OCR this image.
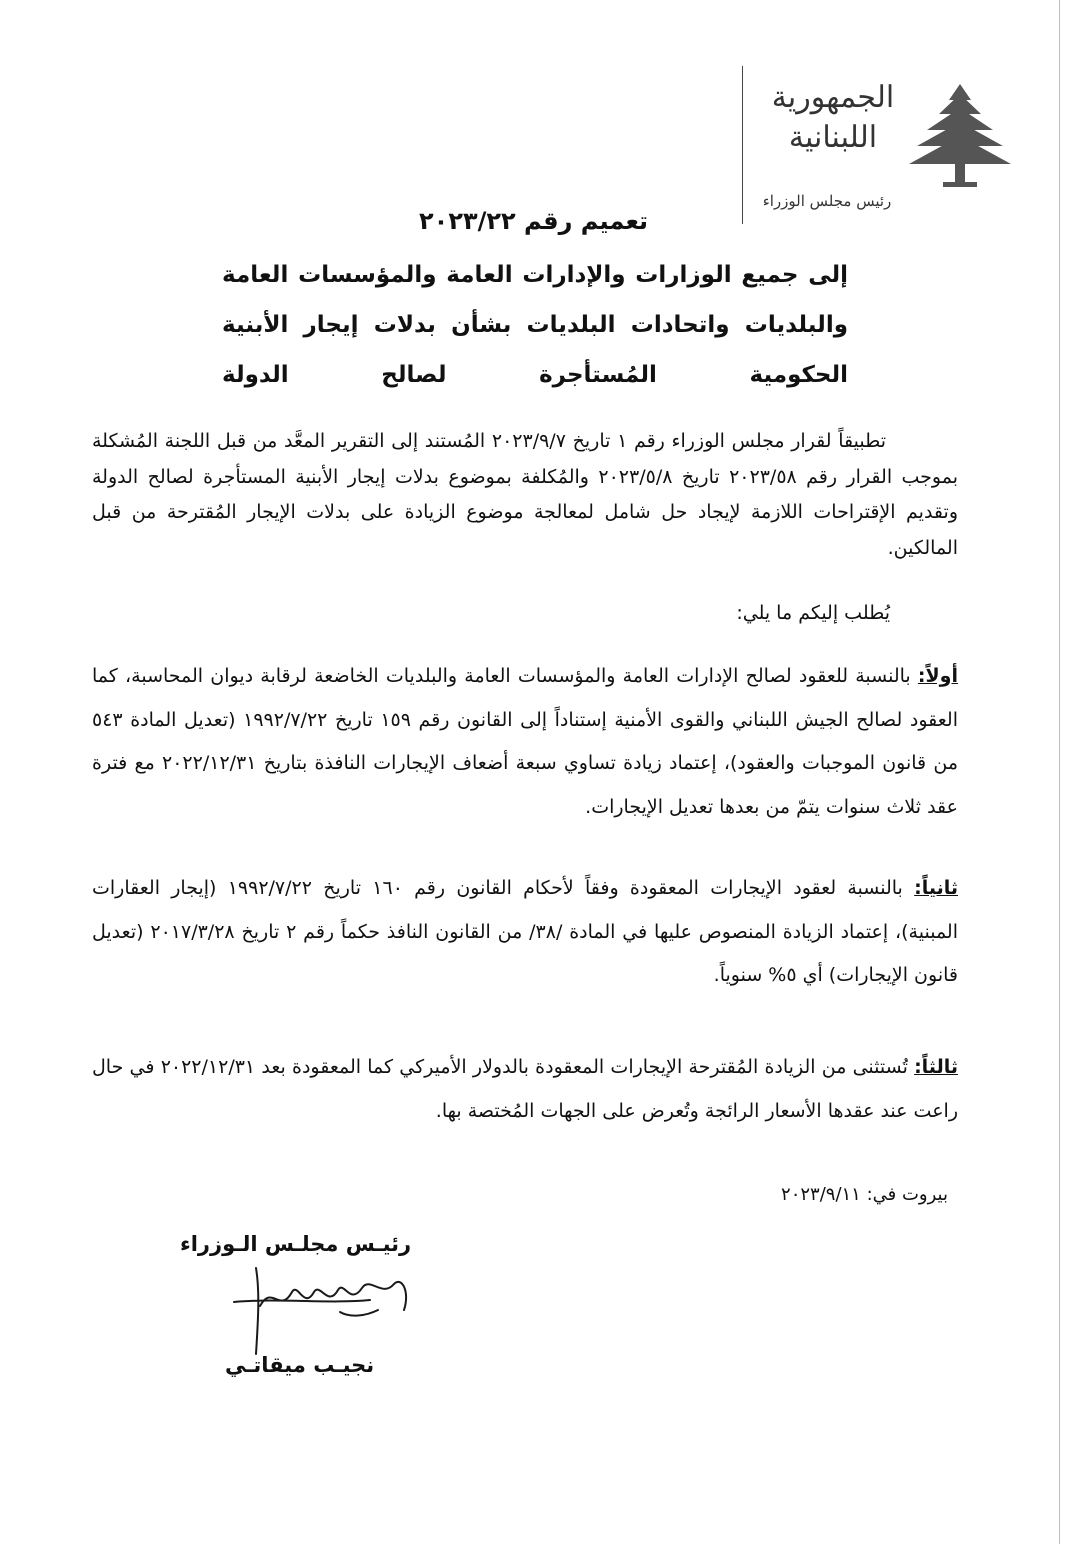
الجمهورية اللبنانية
رئيس مجلس الوزراء
تعميم رقم ٢٠٢٣/٢٢
إلى جميع الوزارات والإدارات العامة والمؤسسات العامة والبلديات واتحادات البلديات بشأن بدلات إيجار الأبنية الحكومية المُستأجرة لصالح الدولة
تطبيقاً لقرار مجلس الوزراء رقم ١ تاريخ ٢٠٢٣/٩/٧ المُستند إلى التقرير المعَّد من قبل اللجنة المُشكلة بموجب القرار رقم ٢٠٢٣/٥٨ تاريخ ٢٠٢٣/٥/٨ والمُكلفة بموضوع بدلات إيجار الأبنية المستأجرة لصالح الدولة وتقديم الإقتراحات اللازمة لإيجاد حل شامل لمعالجة موضوع الزيادة على بدلات الإيجار المُقترحة من قبل المالكين.
يُطلب إليكم ما يلي:
أولاً: بالنسبة للعقود لصالح الإدارات العامة والمؤسسات العامة والبلديات الخاضعة لرقابة ديوان المحاسبة، كما العقود لصالح الجيش اللبناني والقوى الأمنية إستناداً إلى القانون رقم ١٥٩ تاريخ ١٩٩٢/٧/٢٢ (تعديل المادة ٥٤٣ من قانون الموجبات والعقود)، إعتماد زيادة تساوي سبعة أضعاف الإيجارات النافذة بتاريخ ٢٠٢٢/١٢/٣١ مع فترة عقد ثلاث سنوات يتمّ من بعدها تعديل الإيجارات.
ثانياً: بالنسبة لعقود الإيجارات المعقودة وفقاً لأحكام القانون رقم ١٦٠ تاريخ ١٩٩٢/٧/٢٢ (إيجار العقارات المبنية)، إعتماد الزيادة المنصوص عليها في المادة /٣٨/ من القانون النافذ حكماً رقم ٢ تاريخ ٢٠١٧/٣/٢٨ (تعديل قانون الإيجارات) أي ٥% سنوياً.
ثالثاً: تُستثنى من الزيادة المُقترحة الإيجارات المعقودة بالدولار الأميركي كما المعقودة بعد ٢٠٢٢/١٢/٣١ في حال راعت عند عقدها الأسعار الرائجة وتُعرض على الجهات المُختصة بها.
بيروت في: ٢٠٢٣/٩/١١
رئيـس مجلـس الـوزراء
نجيـب ميقاتـي
